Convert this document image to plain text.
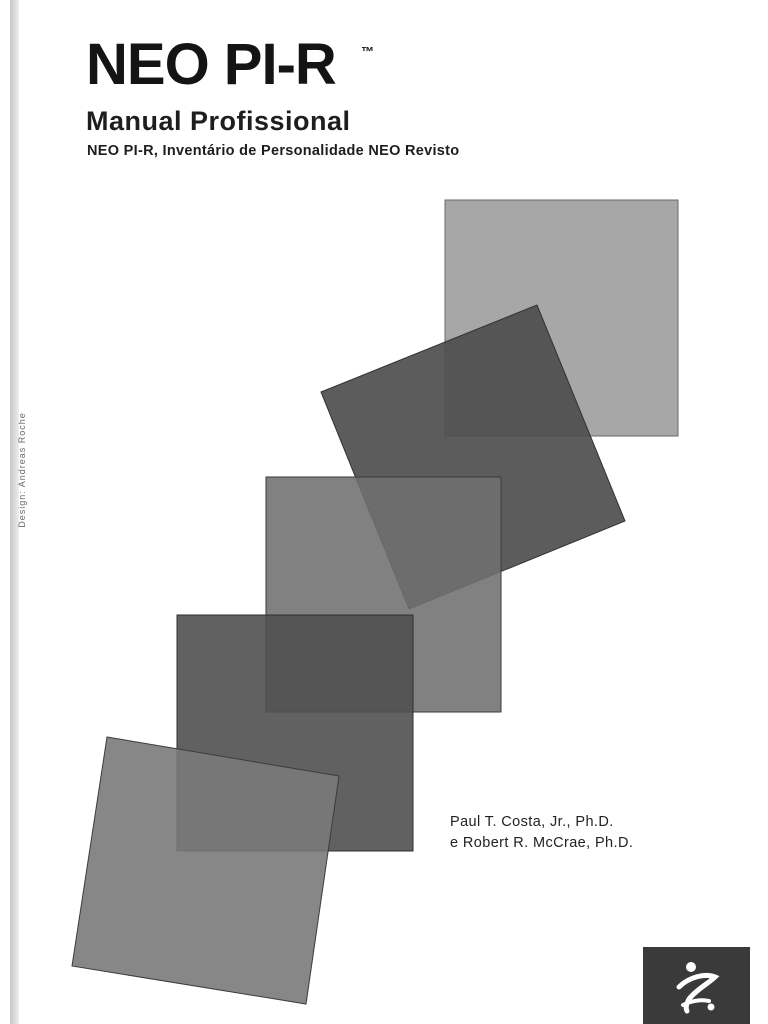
Design: Andreas Roche
NEO PI-R ™
Manual Profissional
NEO PI-R, Inventário de Personalidade NEO Revisto
Paul T. Costa, Jr., Ph.D.
e Robert R. McCrae, Ph.D.
